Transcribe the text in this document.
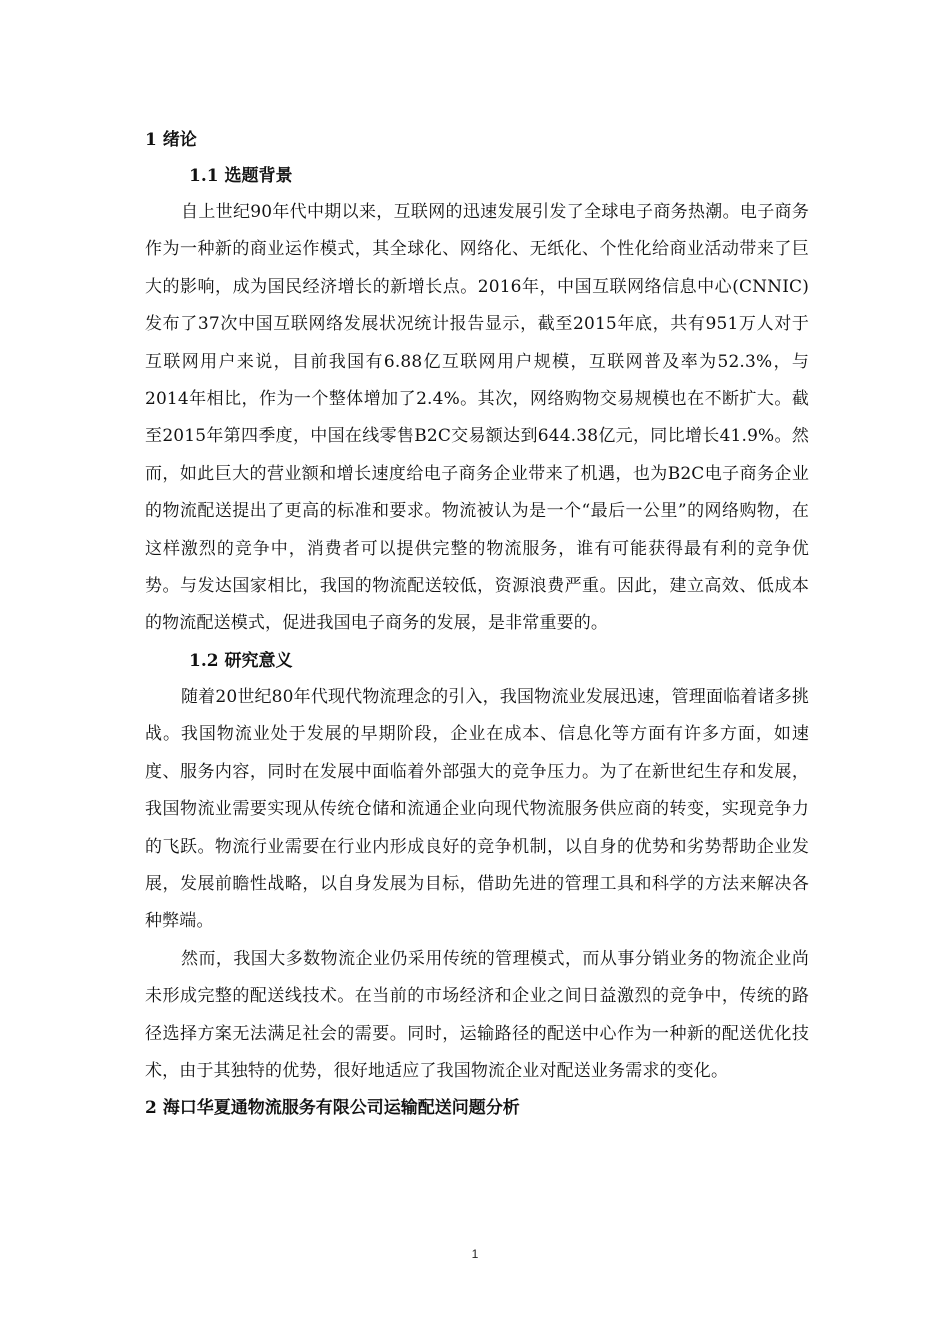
1 绪论

1.1 选题背景

自上世纪90年代中期以来，互联网的迅速发展引发了全球电子商务热潮。电子商务作为一种新的商业运作模式，其全球化、网络化、无纸化、个性化给商业活动带来了巨大的影响，成为国民经济增长的新增长点。2016年，中国互联网络信息中心(CNNIC)发布了37次中国互联网络发展状况统计报告显示，截至2015年底，共有951万人对于互联网用户来说，目前我国有6.88亿互联网用户规模，互联网普及率为52.3%，与2014年相比，作为一个整体增加了2.4%。其次，网络购物交易规模也在不断扩大。截至2015年第四季度，中国在线零售B2C交易额达到644.38亿元，同比增长41.9%。然而，如此巨大的营业额和增长速度给电子商务企业带来了机遇，也为B2C电子商务企业的物流配送提出了更高的标准和要求。物流被认为是一个“最后一公里”的网络购物，在这样激烈的竞争中，消费者可以提供完整的物流服务，谁有可能获得最有利的竞争优势。与发达国家相比，我国的物流配送较低，资源浪费严重。因此，建立高效、低成本的物流配送模式，促进我国电子商务的发展，是非常重要的。

1.2 研究意义

随着20世纪80年代现代物流理念的引入，我国物流业发展迅速，管理面临着诸多挑战。我国物流业处于发展的早期阶段，企业在成本、信息化等方面有许多方面，如速度、服务内容，同时在发展中面临着外部强大的竞争压力。为了在新世纪生存和发展，我国物流业需要实现从传统仓储和流通企业向现代物流服务供应商的转变，实现竞争力的飞跃。物流行业需要在行业内形成良好的竞争机制，以自身的优势和劣势帮助企业发展，发展前瞻性战略，以自身发展为目标，借助先进的管理工具和科学的方法来解决各种弊端。

然而，我国大多数物流企业仍采用传统的管理模式，而从事分销业务的物流企业尚未形成完整的配送线技术。在当前的市场经济和企业之间日益激烈的竞争中，传统的路径选择方案无法满足社会的需要。同时，运输路径的配送中心作为一种新的配送优化技术，由于其独特的优势，很好地适应了我国物流企业对配送业务需求的变化。

2 海口华夏通物流服务有限公司运输配送问题分析

1
